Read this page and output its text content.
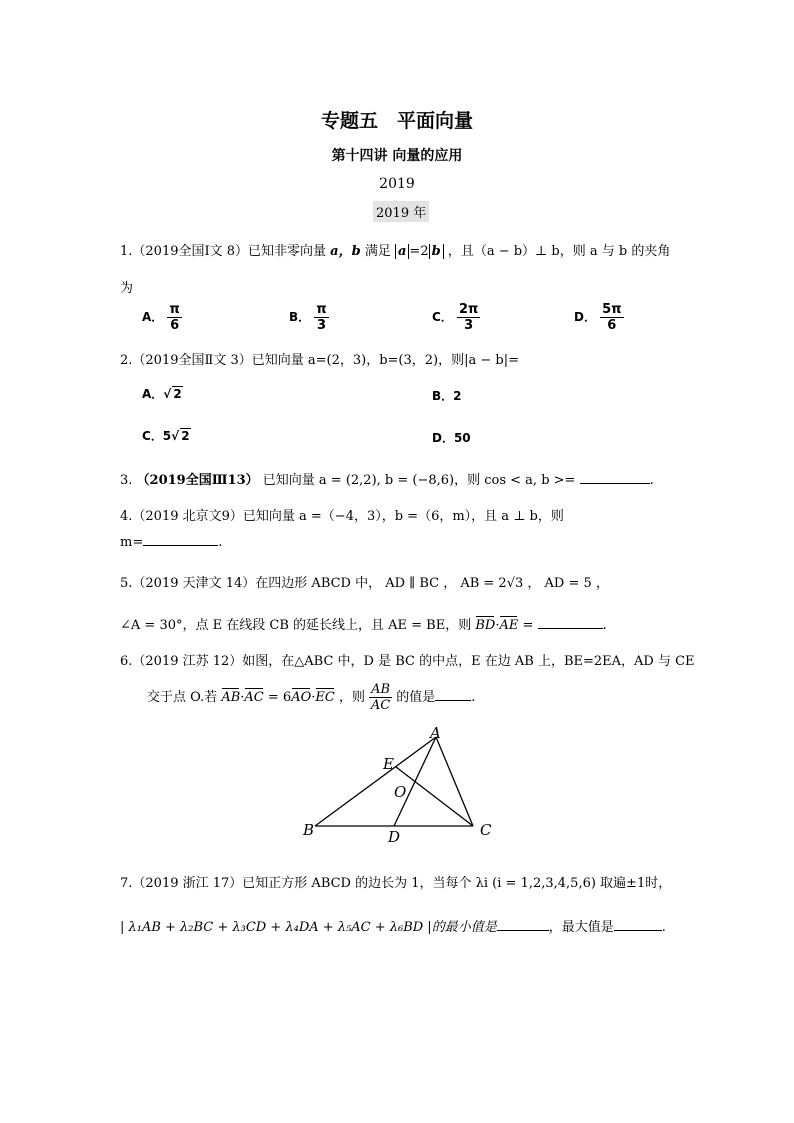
专题五　平面向量
第十四讲 向量的应用
2019
2019 年
1.（2019全国Ⅰ文 8）已知非零向量 a，b 满足 a =2 b ，且（a − b）⊥ b，则 a 与 b 的夹角
为
A． $\frac{\pi}{6}$	B． $\frac{\pi}{3}$	C． $\frac{2\pi}{3}$	D． $\frac{5\pi}{6}$
2.（2019全国Ⅱ文 3）已知向量 a=(2，3)，b=(3，2)，则|a − b|=
A．√ 2	B．2
C．5√ 2	D．50
3. （2019全国Ⅲ13） 已知向量 a = (2,2), b = (−8,6)，则 cos < a, b >=	.
4.（2019 北京文9）已知向量 a =（−4，3），b =（6，m），且 a ⊥ b，则
m=	.
5.（2019 天津文 14）在四边形 ABCD 中， AD ∥ BC ， AB = 2√3 ， AD = 5 ，
∠A = 30°，点 E 在线段 CB 的延长线上，且 AE = BE，则 BD·AE =	.
6.（2019 江苏 12）如图，在△ABC 中，D 是 BC 的中点，E 在边 AB 上，BE=2EA，AD 与 CE
交于点 O.若 AB·AC = 6AO·EC ，则 $\frac{AB}{AC}$ 的值是	.
A
B	C
D
E
O
7.（2019 浙江 17）已知正方形 ABCD 的边长为 1，当每个 λi (i = 1,2,3,4,5,6) 取遍±1时，
| λ₁AB + λ₂BC + λ₃CD + λ₄DA + λ₅AC + λ₆BD |的最小值是	，最大值是	.
